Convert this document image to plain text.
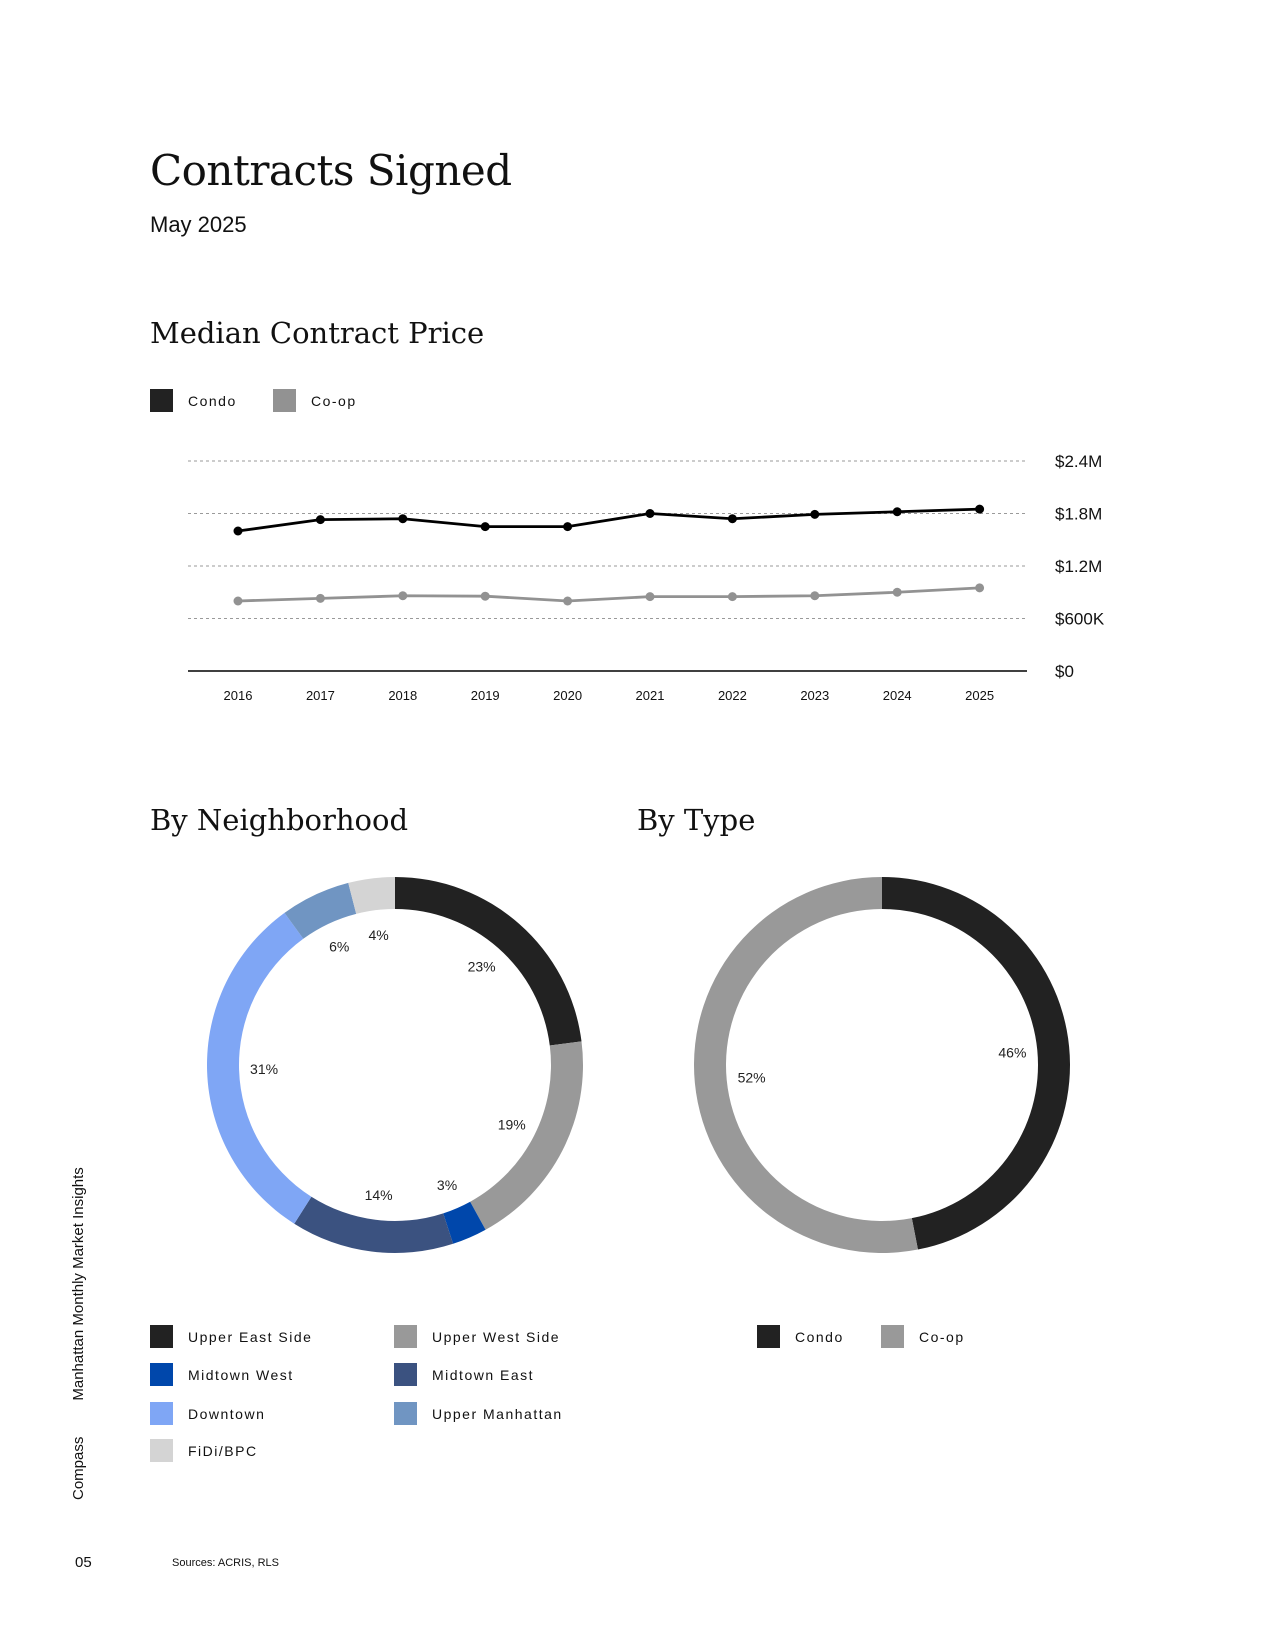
Contracts Signed
May 2025
Median Contract Price
Condo	Co-op
$0
$600K
$1.2M
$1.8M
$2.4M
2016	2017	2018	2019	2020	2021	2022	2023	2024	2025
By Neighborhood	By Type
23%
19%
3%
14%
31%
6%
4%
46%
52%
Upper East Side	Upper West Side
Midtown West	Midtown East
Downtown	Upper Manhattan
FiDi/BPC
Condo	Co-op
Compass
Manhattan Monthly Market Insights
05	Sources: ACRIS, RLS
